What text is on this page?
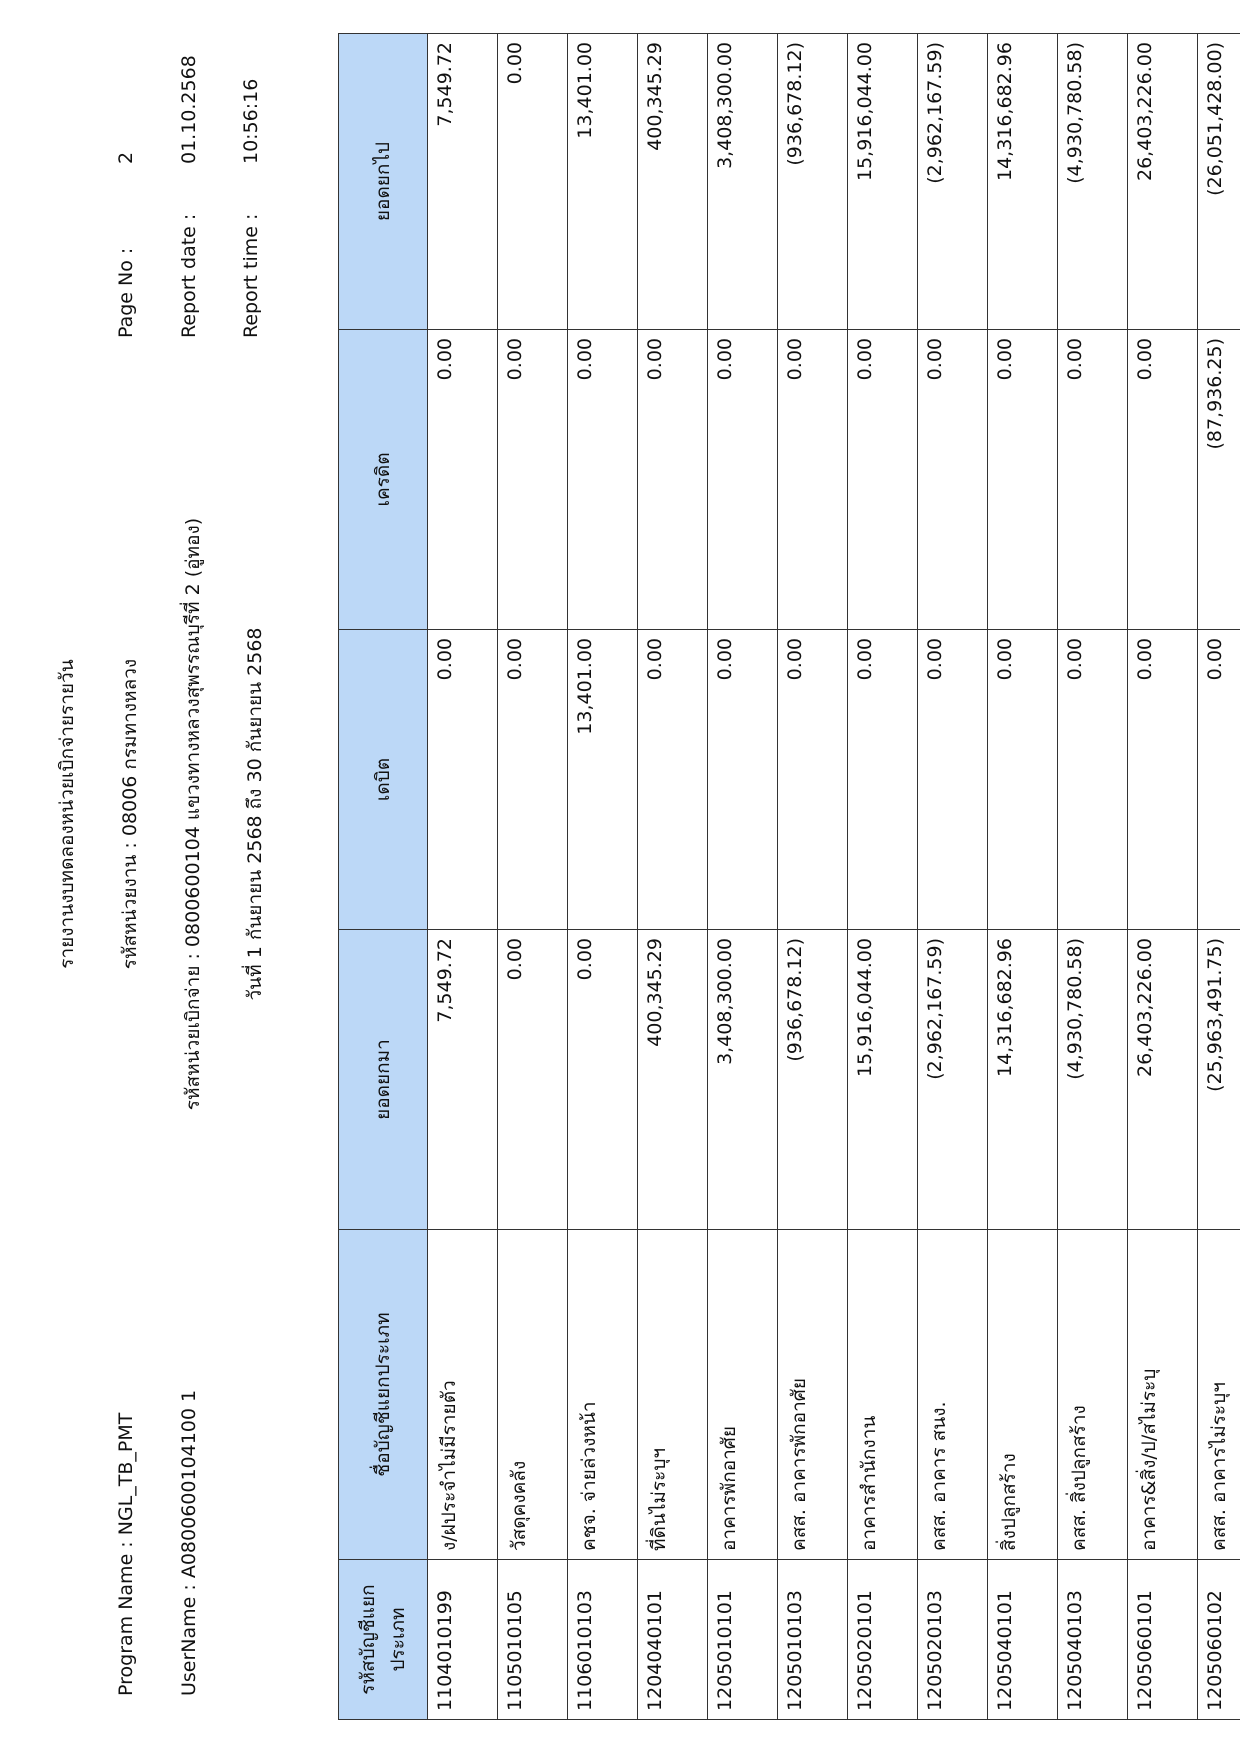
รายงานงบทดลองหน่วยเบิกจ่ายรายวัน รหัสหน่วยงาน : 08006 กรมทางหลวง รหัสหน่วยเบิกจ่าย : 0800600104 แขวงทางหลวงสุพรรณบุรีที่ 2 (อู่ทอง) วันที่ 1 กันยายน 2568 ถึง 30 กันยายน 2568
Program Name : NGL_TB_PMT UserName : A0800600104100 1
Page No :
2
Report date :
01.10.2568
Report time :
10:56:16
รหัสบัญชีแยกประเภท	ชื่อบัญชีแยกประเภท	ยอดยกมา	เดบิต	เครดิต	ยอดยกไป
1104010199	ง/ฝประจำไม่มีรายตัว	7,549.72	0.00	0.00	7,549.72
1105010105	วัสดุคงคลัง	0.00	0.00	0.00	0.00
1106010103	คชจ. จ่ายล่วงหน้า	0.00	13,401.00	0.00	13,401.00
1204040101	ที่ดินไม่ระบุฯ	400,345.29	0.00	0.00	400,345.29
1205010101	อาคารพักอาศัย	3,408,300.00	0.00	0.00	3,408,300.00
1205010103	คสส. อาคารพักอาศัย	(936,678.12)	0.00	0.00	(936,678.12)
1205020101	อาคารสำนักงาน	15,916,044.00	0.00	0.00	15,916,044.00
1205020103	คสส. อาคาร สนง.	(2,962,167.59)	0.00	0.00	(2,962,167.59)
1205040101	สิ่งปลูกสร้าง	14,316,682.96	0.00	0.00	14,316,682.96
1205040103	คสส. สิ่งปลูกสร้าง	(4,930,780.58)	0.00	0.00	(4,930,780.58)
1205060101	อาคาร&สิ่ง/ป/สไม่ระบุ	26,403,226.00	0.00	0.00	26,403,226.00
1205060102	คสส. อาคารไม่ระบุฯ	(25,963,491.75)	0.00	(87,936.25)	(26,051,428.00)
